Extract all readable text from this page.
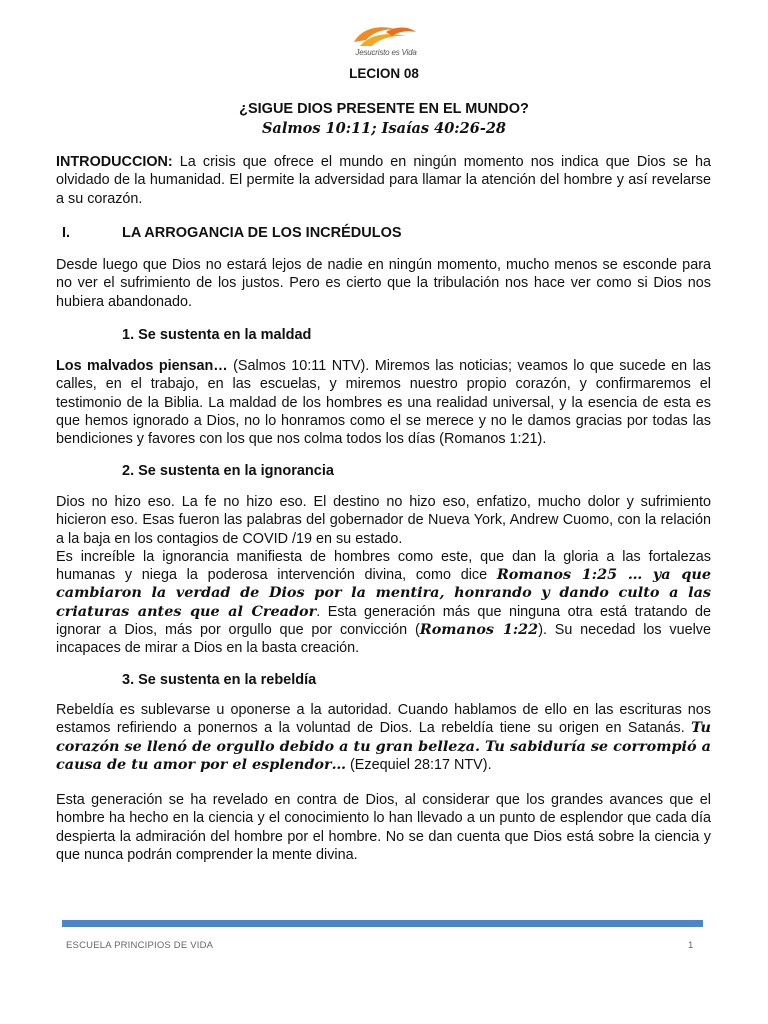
Jesucristo es Vida
LECION 08
¿SIGUE DIOS PRESENTE EN EL MUNDO?
Salmos 10:11; Isaías 40:26-28
INTRODUCCION: La crisis que ofrece el mundo en ningún momento nos indica que Dios se ha olvidado de la humanidad. El permite la adversidad para llamar la atención del hombre y así revelarse a su corazón.
I.	LA ARROGANCIA DE LOS INCRÉDULOS
Desde luego que Dios no estará lejos de nadie en ningún momento, mucho menos se esconde para no ver el sufrimiento de los justos. Pero es cierto que la tribulación nos hace ver como si Dios nos hubiera abandonado.
1. Se sustenta en la maldad
Los malvados piensan… (Salmos 10:11 NTV). Miremos las noticias; veamos lo que sucede en las calles, en el trabajo, en las escuelas, y miremos nuestro propio corazón, y confirmaremos el testimonio de la Biblia. La maldad de los hombres es una realidad universal, y la esencia de esta es que hemos ignorado a Dios, no lo honramos como el se merece y no le damos gracias por todas las bendiciones y favores con los que nos colma todos los días (Romanos 1:21).
2. Se sustenta en la ignorancia
Dios no hizo eso. La fe no hizo eso. El destino no hizo eso, enfatizo, mucho dolor y sufrimiento hicieron eso. Esas fueron las palabras del gobernador de Nueva York, Andrew Cuomo, con la relación a la baja en los contagios de COVID /19 en su estado.
Es increíble la ignorancia manifiesta de hombres como este, que dan la gloria a las fortalezas humanas y niega la poderosa intervención divina, como dice Romanos 1:25 … ya que cambiaron la verdad de Dios por la mentira, honrando y dando culto a las criaturas antes que al Creador. Esta generación más que ninguna otra está tratando de ignorar a Dios, más por orgullo que por convicción (Romanos 1:22). Su necedad los vuelve incapaces de mirar a Dios en la basta creación.
3. Se sustenta en la rebeldía
Rebeldía es sublevarse u oponerse a la autoridad. Cuando hablamos de ello en las escrituras nos estamos refiriendo a ponernos a la voluntad de Dios. La rebeldía tiene su origen en Satanás. Tu corazón se llenó de orgullo debido a tu gran belleza. Tu sabiduría se corrompió a causa de tu amor por el esplendor… (Ezequiel 28:17 NTV).
Esta generación se ha revelado en contra de Dios, al considerar que los grandes avances que el hombre ha hecho en la ciencia y el conocimiento lo han llevado a un punto de esplendor que cada día despierta la admiración del hombre por el hombre. No se dan cuenta que Dios está sobre la ciencia y que nunca podrán comprender la mente divina.
ESCUELA PRINCIPIOS DE VIDA	1
